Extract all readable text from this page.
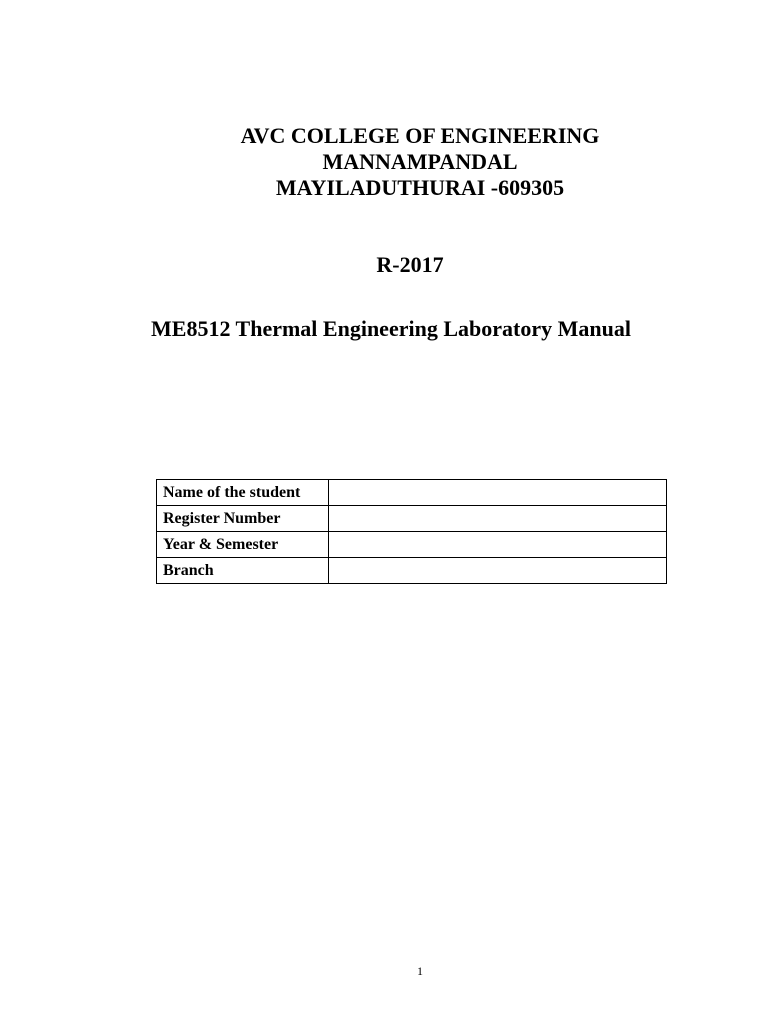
AVC COLLEGE OF ENGINEERING
MANNAMPANDAL
MAYILADUTHURAI -609305
R-2017
ME8512 Thermal Engineering Laboratory Manual
Name of the student	
Register Number	
Year & Semester	
Branch	
1
